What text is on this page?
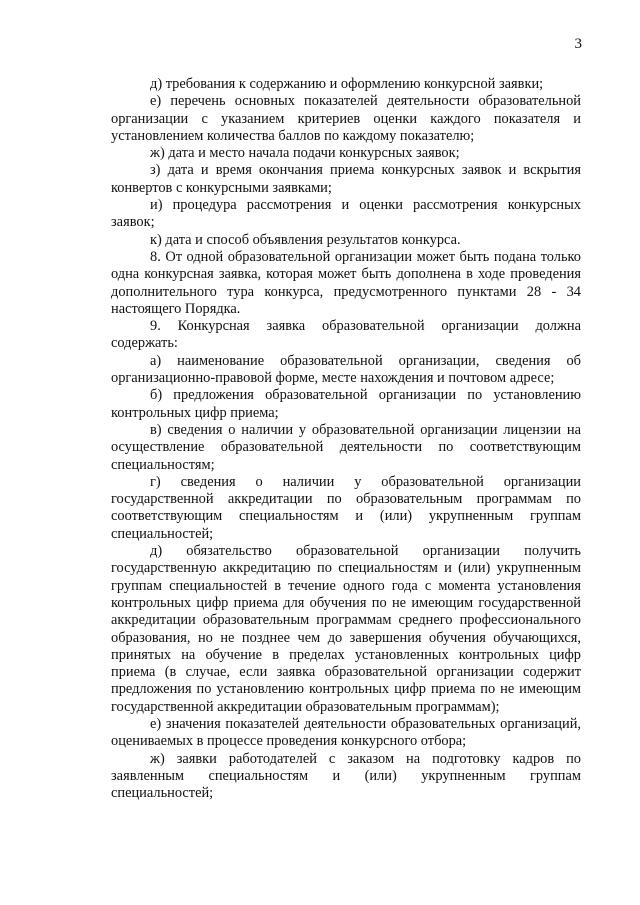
3

д) требования к содержанию и оформлению конкурсной заявки;

е) перечень основных показателей деятельности образовательной организации с указанием критериев оценки каждого показателя и установлением количества баллов по каждому показателю;

ж) дата и место начала подачи конкурсных заявок;

з) дата и время окончания приема конкурсных заявок и вскрытия конвертов с конкурсными заявками;

и) процедура рассмотрения и оценки рассмотрения конкурсных заявок;

к) дата и способ объявления результатов конкурса.

8. От одной образовательной организации может быть подана только одна конкурсная заявка, которая может быть дополнена в ходе проведения дополнительного тура конкурса, предусмотренного пунктами 28 - 34 настоящего Порядка.

9. Конкурсная заявка образовательной организации должна содержать:

а) наименование образовательной организации, сведения об организационно-правовой форме, месте нахождения и почтовом адресе;

б) предложения образовательной организации по установлению контрольных цифр приема;

в) сведения о наличии у образовательной организации лицензии на осуществление образовательной деятельности по соответствующим специальностям;

г) сведения о наличии у образовательной организации государственной аккредитации по образовательным программам по соответствующим специальностям и (или) укрупненным группам специальностей;

д) обязательство образовательной организации получить государственную аккредитацию по специальностям и (или) укрупненным группам специальностей в течение одного года с момента установления контрольных цифр приема для обучения по не имеющим государственной аккредитации образовательным программам среднего профессионального образования, но не позднее чем до завершения обучения обучающихся, принятых на обучение в пределах установленных контрольных цифр приема (в случае, если заявка образовательной организации содержит предложения по установлению контрольных цифр приема по не имеющим государственной аккредитации образовательным программам);

е) значения показателей деятельности образовательных организаций, оцениваемых в процессе проведения конкурсного отбора;

ж) заявки работодателей с заказом на подготовку кадров по заявленным специальностям и (или) укрупненным группам специальностей;
